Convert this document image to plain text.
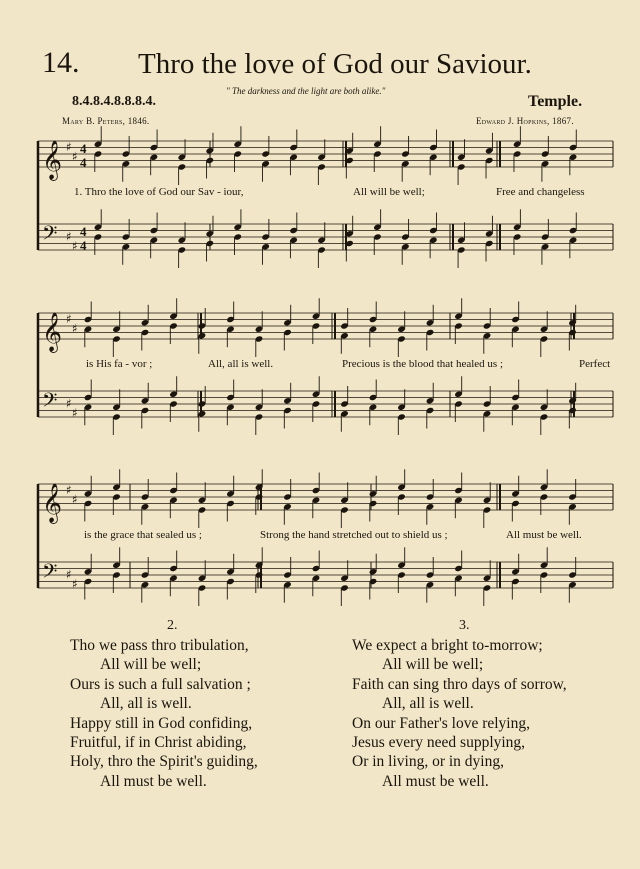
14. Thro the love of God our Saviour.
" The darkness and the light are both alike."
8.4.8.4.8.8.8.4.	Temple.
Mary B. Peters, 1846.	Edward J. Hopkins, 1867.
𝄞 ♯
♯
4
4
𝄢 ♯
♯
4
4
𝄞 ♯
♯
𝄢 ♯
♯
𝄞 ♯
♯
𝄢 ♯
♯
1. Thro the love of God our Sav - iour,	All will be well;	Free and changeless
is His fa - vor ;	All, all is well.	Precious is the blood that healed us ;	Perfect
is the grace that sealed us ;	Strong the hand stretched out to shield us ;	All must be well.
2.	3.
Tho we pass thro tribulation,
All will be well;
Ours is such a full salvation ;
All, all is well.
Happy still in God confiding,
Fruitful, if in Christ abiding,
Holy, thro the Spirit's guiding,
All must be well.
We expect a bright to-morrow;
All will be well;
Faith can sing thro days of sorrow,
All, all is well.
On our Father's love relying,
Jesus every need supplying,
Or in living, or in dying,
All must be well.
